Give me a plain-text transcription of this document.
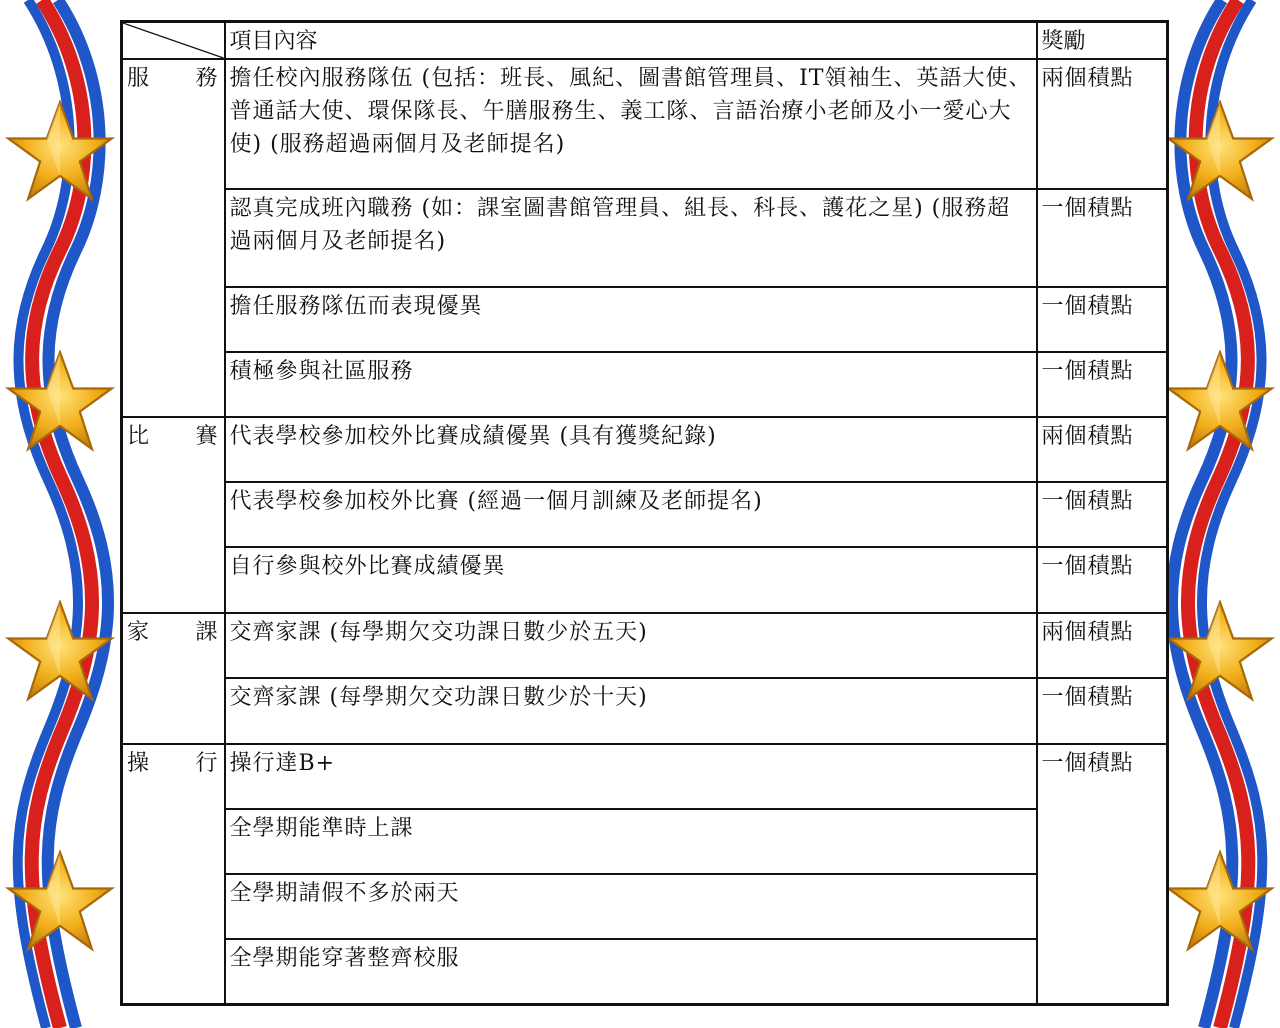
	項目內容	獎勵
服　務	擔任校內服務隊伍 (包括：班長、風紀、圖書館管理員、IT領袖生、英語大使、普通話大使、環保隊長、午膳服務生、義工隊、言語治療小老師及小一愛心大使) (服務超過兩個月及老師提名)	兩個積點
	認真完成班內職務 (如：課室圖書館管理員、組長、科長、護花之星) (服務超過兩個月及老師提名)	一個積點
	擔任服務隊伍而表現優異	一個積點
	積極參與社區服務	一個積點
比　賽	代表學校參加校外比賽成績優異 (具有獲獎紀錄)	兩個積點
	代表學校參加校外比賽 (經過一個月訓練及老師提名)	一個積點
	自行參與校外比賽成績優異	一個積點
家　課	交齊家課 (每學期欠交功課日數少於五天)	兩個積點
	交齊家課 (每學期欠交功課日數少於十天)	一個積點
操　行	操行達B+	一個積點
	全學期能準時上課	
	全學期請假不多於兩天	
	全學期能穿著整齊校服	
